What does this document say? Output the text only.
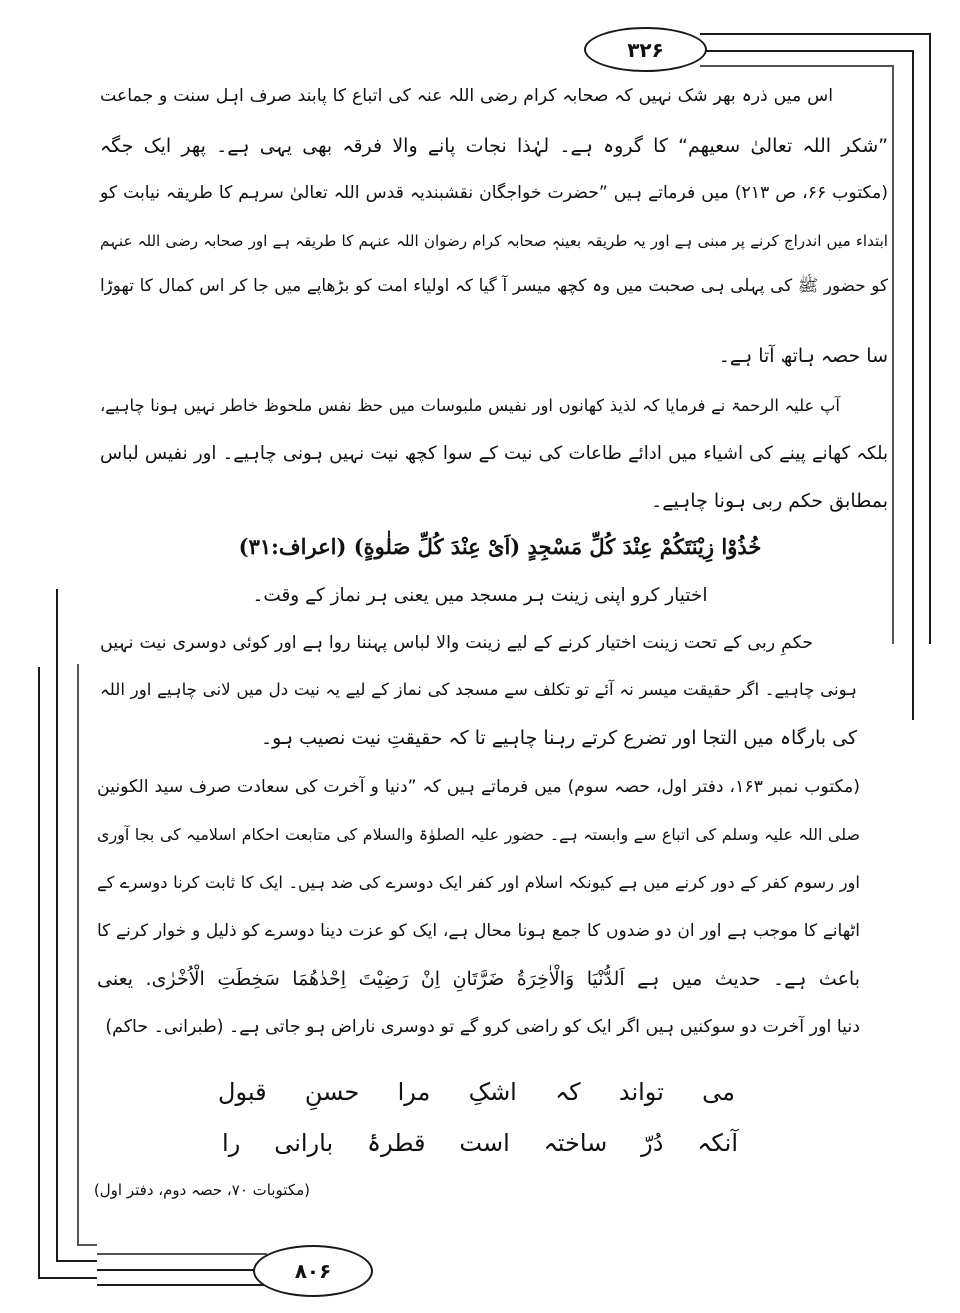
۳۲۶
۸۰۶
اس میں ذرہ بھر شک نہیں کہ صحابہ کرام رضی اللہ عنہ کی اتباع کا پابند صرف اہل سنت و جماعت
”شکر اللہ تعالیٰ سعیھم“ کا گروہ ہے۔ لہٰذا نجات پانے والا فرقہ بھی یہی ہے۔ پھر ایک جگہ
(مکتوب ۶۶، ص ۲۱۳) میں فرماتے ہیں ”حضرت خواجگان نقشبندیہ قدس اللہ تعالیٰ سرہم کا طریقہ نیابت کو
ابتداء میں اندراج کرنے پر مبنی ہے اور یہ طریقہ بعینہٖ صحابہ کرام رضوان اللہ عنہم کا طریقہ ہے اور صحابہ رضی اللہ عنہم
کو حضور ﷺ کی پہلی ہی صحبت میں وہ کچھ میسر آ گیا کہ اولیاء امت کو بڑھاپے میں جا کر اس کمال کا تھوڑا
سا حصہ ہاتھ آتا ہے۔
آپ علیہ الرحمۃ نے فرمایا کہ لذیذ کھانوں اور نفیس ملبوسات میں حظ نفس ملحوظ خاطر نہیں ہونا چاہیے،
بلکہ کھانے پینے کی اشیاء میں ادائے طاعات کی نیت کے سوا کچھ نیت نہیں ہونی چاہیے۔ اور نفیس لباس
بمطابق حکم ربی ہونا چاہیے۔
خُذُوْا زِيْنَتَكُمْ عِنْدَ كُلِّ مَسْجِدٍ (اَیْ عِنْدَ كُلِّ صَلٰوةٍ) (اعراف:۳۱)
اختیار کرو اپنی زینت ہر مسجد میں یعنی ہر نماز کے وقت۔
حکمِ ربی کے تحت زینت اختیار کرنے کے لیے زینت والا لباس پہننا روا ہے اور کوئی دوسری نیت نہیں
ہونی چاہیے۔ اگر حقیقت میسر نہ آئے تو تکلف سے مسجد کی نماز کے لیے یہ نیت دل میں لانی چاہیے اور اللہ
کی بارگاہ میں التجا اور تضرع کرتے رہنا چاہیے تا کہ حقیقتِ نیت نصیب ہو۔
(مکتوب نمبر ۱۶۳، دفتر اول، حصہ سوم) میں فرماتے ہیں کہ ”دنیا و آخرت کی سعادت صرف سید الکونین
صلی اللہ علیہ وسلم کی اتباع سے وابستہ ہے۔ حضور علیہ الصلوٰۃ والسلام کی متابعت احکام اسلامیہ کی بجا آوری
اور رسوم کفر کے دور کرنے میں ہے کیونکہ اسلام اور کفر ایک دوسرے کی ضد ہیں۔ ایک کا ثابت کرنا دوسرے کے
اٹھانے کا موجب ہے اور ان دو ضدوں کا جمع ہونا محال ہے، ایک کو عزت دینا دوسرے کو ذلیل و خوار کرنے کا
باعث ہے۔ حدیث میں ہے اَلدُّنْيَا وَالْاٰخِرَةُ ضَرَّتَانِ اِنْ رَضِيْتَ اِحْدٰهُمَا سَخِطَتِ الْاُخْرٰى. یعنی
دنیا اور آخرت دو سوکنیں ہیں اگر ایک کو راضی کرو گے تو دوسری ناراض ہو جاتی ہے۔ (طبرانی۔ حاکم)
می
تواند
کہ
اشکِ
مرا
حسنِ
قبول
آنکہ
دُرّ
ساختہ
است
قطرۂ
بارانی
را
(مکتوبات ۷۰، حصہ دوم، دفتر اول)
